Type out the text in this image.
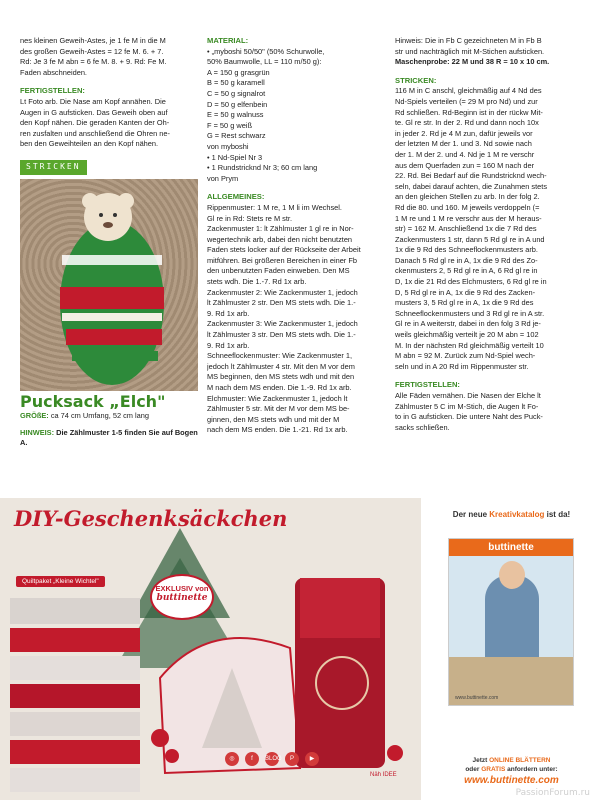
nes kleinen Geweih-Astes, je 1 fe M in die M

des großen Geweih-Astes = 12 fe M. 6. + 7.

Rd: Je 3 fe M abn = 6 fe M. 8. + 9. Rd: Fe M.

Faden abschneiden.

FERTIGSTELLEN:

Lt Foto arb. Die Nase am Kopf annähen. Die

Augen in G aufsticken. Das Geweih oben auf

den Kopf nähen. Die geraden Kanten der Oh-

ren zusfalten und anschließend die Ohren ne-

ben den Geweihteilen an den Kopf nähen.

STRICKEN
Pucksack „Elch"

GRÖßE: ca 74 cm Umfang, 52 cm lang

HINWEIS: Die Zählmuster 1-5 finden Sie auf Bogen A.

MATERIAL:

• „myboshi 50/50" (50% Schurwolle,

50% Baumwolle, LL = 110 m/50 g):

A = 150 g grasgrün

B = 50 g karamell

C = 50 g signalrot

D = 50 g elfenbein

E = 50 g walnuss

F = 50 g weiß

G = Rest schwarz

von myboshi

• 1 Nd-Spiel Nr 3

• 1 Rundstricknd Nr 3; 60 cm lang

von Prym

ALLGEMEINES:

Rippenmuster: 1 M re, 1 M li im Wechsel.

Gl re in Rd: Stets re M str.

Zackenmuster 1: lt Zählmuster 1 gl re in Nor-

wegertechnik arb, dabei den nicht benutzten

Faden stets locker auf der Rückseite der Arbeit

mitführen. Bei größeren Bereichen in einer Fb

den unbenutzten Faden einweben. Den MS

stets wdh. Die 1.-7. Rd 1x arb.

Zackenmuster 2: Wie Zackenmuster 1, jedoch

lt Zählmuster 2 str. Den MS stets wdh. Die 1.-

9. Rd 1x arb.

Zackenmuster 3: Wie Zackenmuster 1, jedoch

lt Zählmuster 3 str. Den MS stets wdh. Die 1.-

9. Rd 1x arb.

Schneeflockenmuster: Wie Zackenmuster 1,

jedoch lt Zählmuster 4 str. Mit den M vor dem

MS beginnen, den MS stets wdh und mit den

M nach dem MS enden. Die 1.-9. Rd 1x arb.

Elchmuster: Wie Zackenmuster 1, jedoch lt

Zählmuster 5 str. Mit der M vor dem MS be-

ginnen, den MS stets wdh und mit der M

nach dem MS enden. Die 1.-21. Rd 1x arb.

Hinweis: Die in Fb C gezeichneten M in Fb B

str und nachträglich mit M-Stichen aufsticken.

Maschenprobe: 22 M und 38 R = 10 x 10 cm.

STRICKEN:

116 M in C anschl, gleichmäßig auf 4 Nd des

Nd-Spiels verteilen (= 29 M pro Nd) und zur

Rd schließen. Rd-Beginn ist in der rückw Mit-

te. Gl re str. In der 2. Rd und dann noch 10x

in jeder 2. Rd je 4 M zun, dafür jeweils vor

der letzten M der 1. und 3. Nd sowie nach

der 1. M der 2. und 4. Nd je 1 M re verschr

aus dem Querfaden zun = 160 M nach der

22. Rd. Bei Bedarf auf die Rundstricknd wech-

seln, dabei darauf achten, die Zunahmen stets

an den gleichen Stellen zu arb. In der folg 2.

Rd die 80. und 160. M jeweils verdoppeln (=

1 M re und 1 M re verschr aus der M heraus-

str) = 162 M. Anschließend 1x die 7 Rd des

Zackenmusters 1 str, dann 5 Rd gl re in A und

1x die 9 Rd des Schneeflockenmusters arb.

Danach 5 Rd gl re in A, 1x die 9 Rd des Zo-

ckenmusters 2, 5 Rd gl re in A, 6 Rd gl re in

D, 1x die 21 Rd des Elchmusters, 6 Rd gl re in

D, 5 Rd gl re in A, 1x die 9 Rd des Zacken-

musters 3, 5 Rd gl re in A, 1x die 9 Rd des

Schneeflockenmusters und 3 Rd gl re in A str.

Gl re in A weiterstr, dabei in den folg 3 Rd je-

weils gleichmäßig verteilt je 20 M abn = 102

M. In der nächsten Rd gleichmäßig verteilt 10

M abn = 92 M. Zurück zum Nd-Spiel wech-

seln und in A 20 Rd im Rippenmuster str.

FERTIGSTELLEN:

Alle Fäden vernähen. Die Nasen der Elche lt

Zählmuster 5 C im M-Stich, die Augen lt Fo-

to in G aufsticken. Die untere Naht des Puck-

sacks schließen.

DIY-Geschenksäckchen
Quiltpaket „Kleine Wichtel"
EXKLUSIV von
buttinette
◎	f	BLOG	P	▶
Näh IDEE
Der neue Kreativkatalog ist da!
buttinette
www.buttinette.com
Jetzt ONLINE BLÄTTERN
oder GRATIS anfordern unter:
www.buttinette.com
PassionForum.ru
